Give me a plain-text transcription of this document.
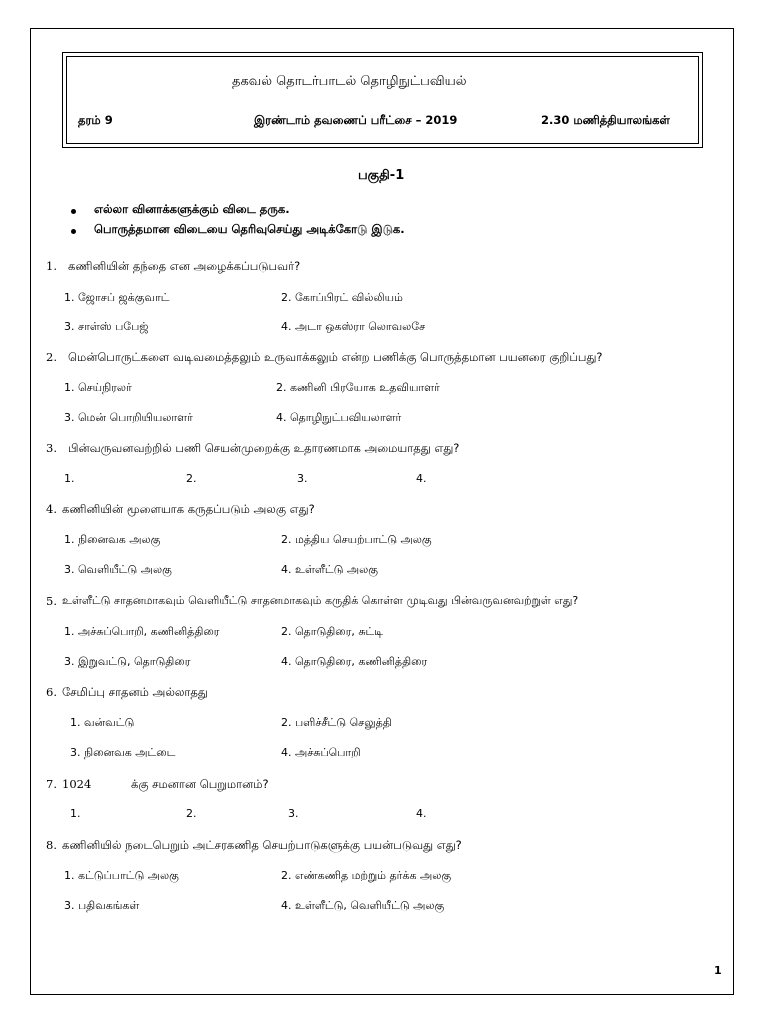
தகவல் தொடர்பாடல் தொழிநுட்பவியல்
தரம் 9	இரண்டாம் தவணைப் பரீட்சை – 2019	2.30 மணித்தியாலங்கள்
பகுதி-1
எல்லா வினாக்களுக்கும் விடை தருக.
பொருத்தமான விடையை தெரிவுசெய்து அடிக்கோடு இடுக.
1. கணினியின் தந்தை என அழைக்கப்படுபவர்?
1. ஜோசப் ஜக்குவாட்	2. கோப்பிரட் வில்லியம்
3. சாள்ஸ் பபேஜ்	4. அடா ஒகஸ்ரா லொவலசே
2. மென்பொருட்களை வடிவமைத்தலும் உருவாக்கலும் என்ற பணிக்கு பொருத்தமான பயனரை குறிப்பது?
1. செய்நிரலர்	2. கணினி பிரயோக உதவியாளர்
3. மென் பொறியியலாளர்	4. தொழிநுட்பவியலாளர்
3. பின்வருவனவற்றில் பணி செயன்முறைக்கு உதாரணமாக அமையாதது எது?
1.	2.	3.	4.
4. கணினியின் மூளையாக கருதப்படும் அலகு எது?
1. நினைவக அலகு	2. மத்திய செயற்பாட்டு அலகு
3. வெளியீட்டு அலகு	4. உள்ளீட்டு அலகு
5. உள்ளீட்டு சாதனமாகவும் வெளியீட்டு சாதனமாகவும் கருதிக் கொள்ள முடிவது பின்வருவனவற்றுள் எது?
1. அச்சுப்பொறி, கணினித்திரை	2. தொடுதிரை, சுட்டி
3. இறுவட்டு, தொடுதிரை	4. தொடுதிரை, கணினித்திரை
6. சேமிப்பு சாதனம் அல்லாதது
1. வன்வட்டு	2. பளிச்சீட்டு செலுத்தி
3. நினைவக அட்டை	4. அச்சுப்பொறி
7. 1024	க்கு சமனான பெறுமானம்?
1.	2.	3.	4.
8. கணினியில் நடைபெறும் அட்சரகணித செயற்பாடுகளுக்கு பயன்படுவது எது?
1. கட்டுப்பாட்டு அலகு	2. எண்கணித மற்றும் தர்க்க அலகு
3. பதிவகங்கள்	4. உள்ளீட்டு, வெளியீட்டு அலகு
1
